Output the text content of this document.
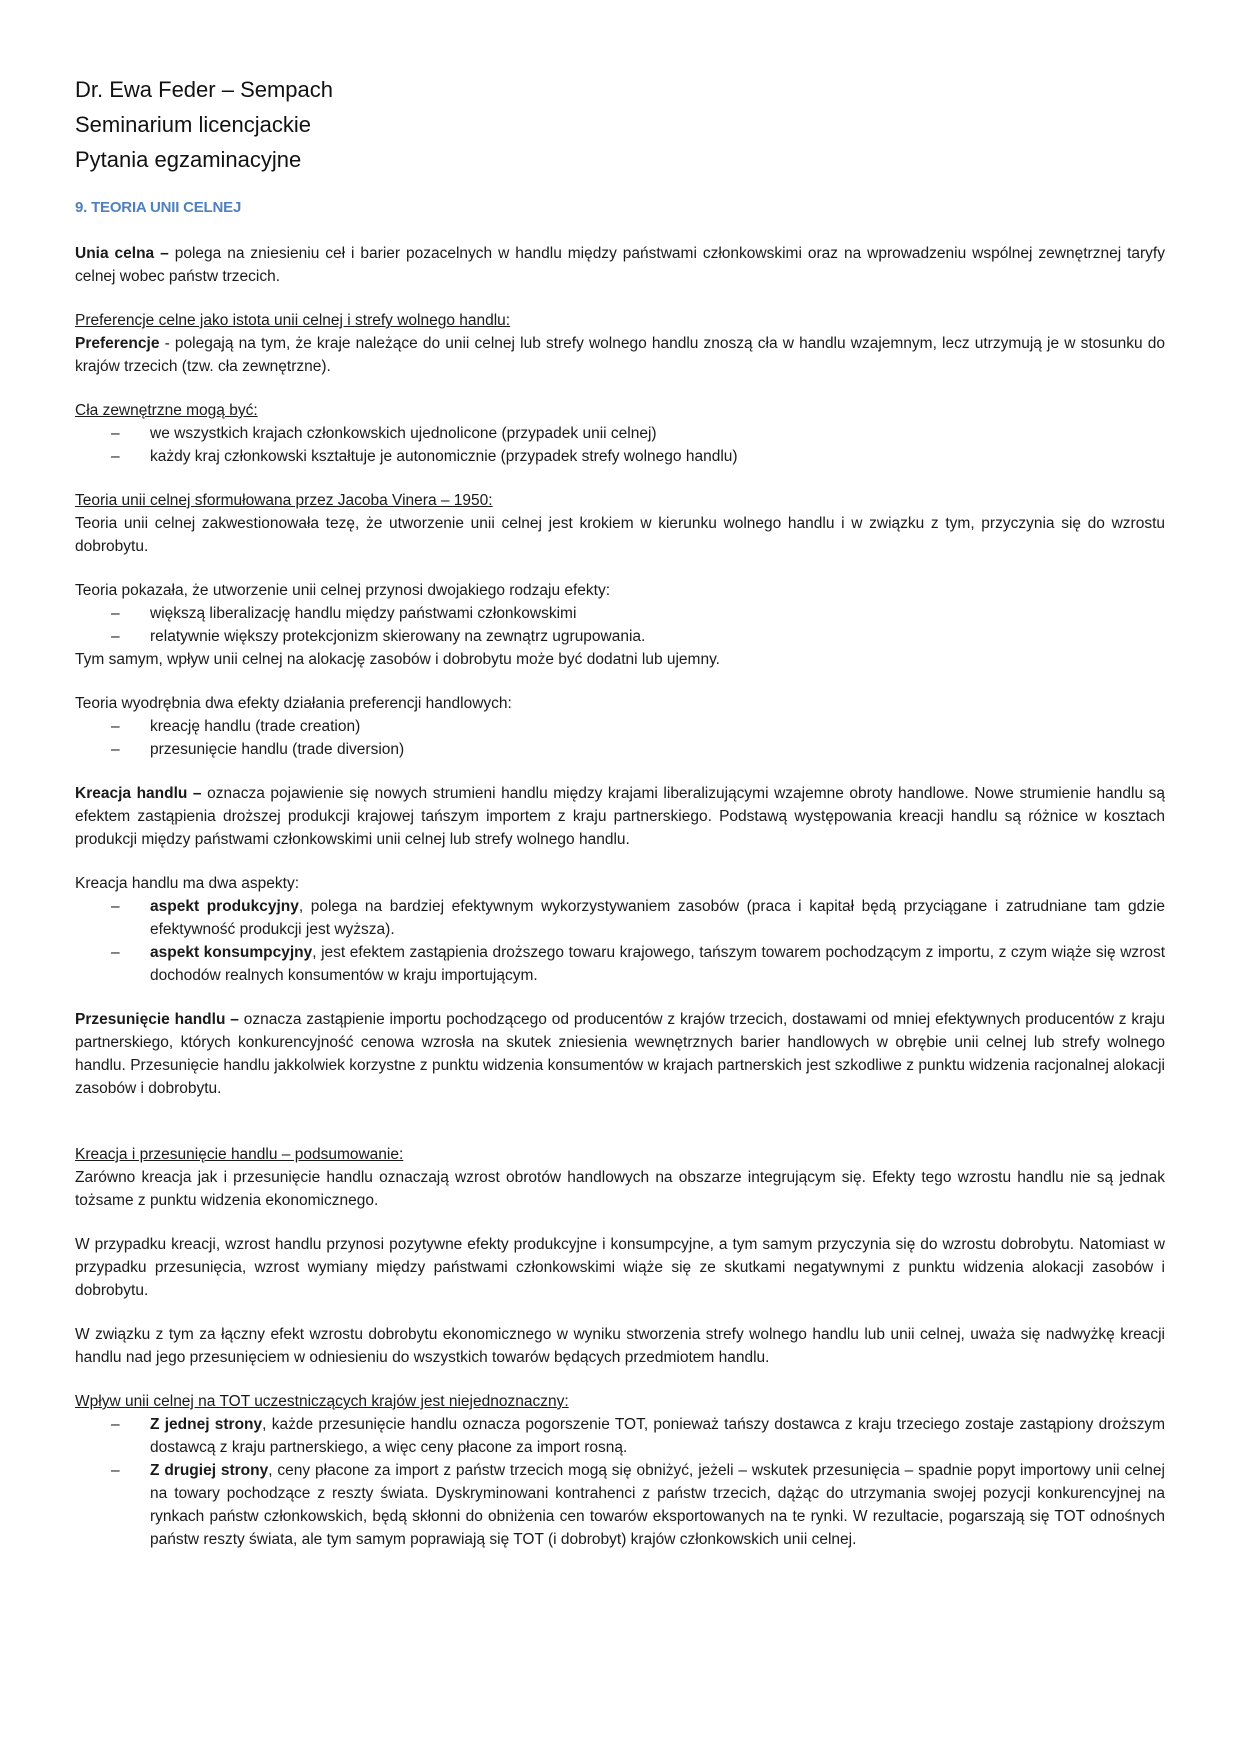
Dr. Ewa Feder – Sempach
Seminarium licencjackie
Pytania egzaminacyjne
9. TEORIA UNII CELNEJ

Unia celna – polega na zniesieniu ceł i barier pozacelnych w handlu między państwami członkowskimi oraz na wprowadzeniu wspólnej zewnętrznej taryfy celnej wobec państw trzecich.

Preferencje celne jako istota unii celnej i strefy wolnego handlu:

Preferencje - polegają na tym, że kraje należące do unii celnej lub strefy wolnego handlu znoszą cła w handlu wzajemnym, lecz utrzymują je w stosunku do krajów trzecich (tzw. cła zewnętrzne).

Cła zewnętrzne mogą być:

– we wszystkich krajach członkowskich ujednolicone (przypadek unii celnej)
– każdy kraj członkowski kształtuje je autonomicznie (przypadek strefy wolnego handlu)

Teoria unii celnej sformułowana przez Jacoba Vinera – 1950:

Teoria unii celnej zakwestionowała tezę, że utworzenie unii celnej jest krokiem w kierunku wolnego handlu i w związku z tym, przyczynia się do wzrostu dobrobytu.

Teoria pokazała, że utworzenie unii celnej przynosi dwojakiego rodzaju efekty:

– większą liberalizację handlu między państwami członkowskimi
– relatywnie większy protekcjonizm skierowany na zewnątrz ugrupowania.

Tym samym, wpływ unii celnej na alokację zasobów i dobrobytu może być dodatni lub ujemny.

Teoria wyodrębnia dwa efekty działania preferencji handlowych:

– kreację handlu (trade creation)
– przesunięcie handlu (trade diversion)

Kreacja handlu – oznacza pojawienie się nowych strumieni handlu między krajami liberalizującymi wzajemne obroty handlowe. Nowe strumienie handlu są efektem zastąpienia droższej produkcji krajowej tańszym importem z kraju partnerskiego. Podstawą występowania kreacji handlu są różnice w kosztach produkcji między państwami członkowskimi unii celnej lub strefy wolnego handlu.

Kreacja handlu ma dwa aspekty:

– aspekt produkcyjny, polega na bardziej efektywnym wykorzystywaniem zasobów (praca i kapitał będą przyciągane i zatrudniane tam gdzie efektywność produkcji jest wyższa).
– aspekt konsumpcyjny, jest efektem zastąpienia droższego towaru krajowego, tańszym towarem pochodzącym z importu, z czym wiąże się wzrost dochodów realnych konsumentów w kraju importującym.

Przesunięcie handlu – oznacza zastąpienie importu pochodzącego od producentów z krajów trzecich, dostawami od mniej efektywnych producentów z kraju partnerskiego, których konkurencyjność cenowa wzrosła na skutek zniesienia wewnętrznych barier handlowych w obrębie unii celnej lub strefy wolnego handlu. Przesunięcie handlu jakkolwiek korzystne z punktu widzenia konsumentów w krajach partnerskich jest szkodliwe z punktu widzenia racjonalnej alokacji zasobów i dobrobytu.

Kreacja i przesunięcie handlu – podsumowanie:

Zarówno kreacja jak i przesunięcie handlu oznaczają wzrost obrotów handlowych na obszarze integrującym się. Efekty tego wzrostu handlu nie są jednak tożsame z punktu widzenia ekonomicznego.

W przypadku kreacji, wzrost handlu przynosi pozytywne efekty produkcyjne i konsumpcyjne, a tym samym przyczynia się do wzrostu dobrobytu. Natomiast w przypadku przesunięcia, wzrost wymiany między państwami członkowskimi wiąże się ze skutkami negatywnymi z punktu widzenia alokacji zasobów i dobrobytu.

W związku z tym za łączny efekt wzrostu dobrobytu ekonomicznego w wyniku stworzenia strefy wolnego handlu lub unii celnej, uważa się nadwyżkę kreacji handlu nad jego przesunięciem w odniesieniu do wszystkich towarów będących przedmiotem handlu.

Wpływ unii celnej na TOT uczestniczących krajów jest niejednoznaczny:

– Z jednej strony, każde przesunięcie handlu oznacza pogorszenie TOT, ponieważ tańszy dostawca z kraju trzeciego zostaje zastąpiony droższym dostawcą z kraju partnerskiego, a więc ceny płacone za import rosną.
– Z drugiej strony, ceny płacone za import z państw trzecich mogą się obniżyć, jeżeli – wskutek przesunięcia – spadnie popyt importowy unii celnej na towary pochodzące z reszty świata. Dyskryminowani kontrahenci z państw trzecich, dążąc do utrzymania swojej pozycji konkurencyjnej na rynkach państw członkowskich, będą skłonni do obniżenia cen towarów eksportowanych na te rynki. W rezultacie, pogarszają się TOT odnośnych państw reszty świata, ale tym samym poprawiają się TOT (i dobrobyt) krajów członkowskich unii celnej.
